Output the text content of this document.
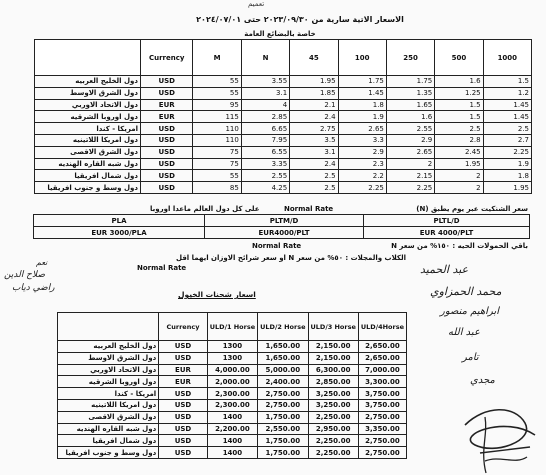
تعميم
الاسعار الاتية سارية من ٢٠٢٣/٠٩/٣٠ حتى ٢٠٢٤/٠٧/٠١
خاصة بالبضائع العامة
	Currency	M	N	45	100	250	500	1000
دول الخليج العربيه	USD	55	3.55	1.95	1.75	1.75	1.6	1.5
دول الشرق الاوسط	USD	55	3.1	1.85	1.45	1.35	1.25	1.2
دول الاتحاد الاوربي	EUR	95	4	2.1	1.8	1.65	1.5	1.45
دول اوروبا الشرقيه	EUR	115	2.85	2.4	1.9	1.6	1.5	1.45
امريكا - كندا	USD	110	6.65	2.75	2.65	2.55	2.5	2.5
دول امريكا اللاتينيه	USD	110	7.95	3.5	3.3	2.9	2.8	2.7
دول الشرق الاقصى	USD	75	6.55	3.1	2.9	2.65	2.45	2.25
دول شبه القاره الهنديه	USD	75	3.35	2.4	2.3	2	1.95	1.9
دول شمال افريقيا	USD	55	2.55	2.5	2.2	2.15	2	1.8
دول وسط و جنوب افريقيا	USD	85	4.25	2.5	2.25	2.25	2	1.95
سعر الشنكيت عبر يوم يطبق (N)
Normal Rate
على كل دول العالم ماعدا اوروبا
PLA	PLTM/D	PLTL/D
EUR 3000/PLA	EUR4000/PLT	EUR 4000/PLT
Normal Rate	باقي الحمولات الحيه : ١٥٠% من سعر N
الكلاب والمجلات : ٥٠% من سعر N او سعر شرائح الاوزان ايهما اقل
Normal Rate
اسعار شحنات الخيول
	Currency	ULD/1 Horse	ULD/2 Horse	ULD/3 Horse	ULD/4Horse
دول الخليج العربيه	USD	1300	1,650.00	2,150.00	2,650.00
دول الشرق الاوسط	USD	1300	1,650.00	2,150.00	2,650.00
دول الاتحاد الاوربي	EUR	4,000.00	5,000.00	6,300.00	7,000.00
دول اوروبا الشرقيه	EUR	2,000.00	2,400.00	2,850.00	3,300.00
امريكا - كندا	USD	2,300.00	2,750.00	3,250.00	3,750.00
دول امريكا اللاتينيه	USD	2,300.00	2,750.00	3,250.00	3,750.00
دول الشرق الاقصى	USD	1400	1,750.00	2,250.00	2,750.00
دول شبه القاره الهنديه	USD	2,200.00	2,550.00	2,950.00	3,350.00
دول شمال افريقيا	USD	1400	1,750.00	2,250.00	2,750.00
دول وسط و جنوب افريقيا	USD	1400	1,750.00	2,250.00	2,750.00
نعم
صلاح الدين
راضي دياب
عبد الحميد
محمد الحمزاوي
ابراهيم منصور
عبد الله
تامر
مجدي
